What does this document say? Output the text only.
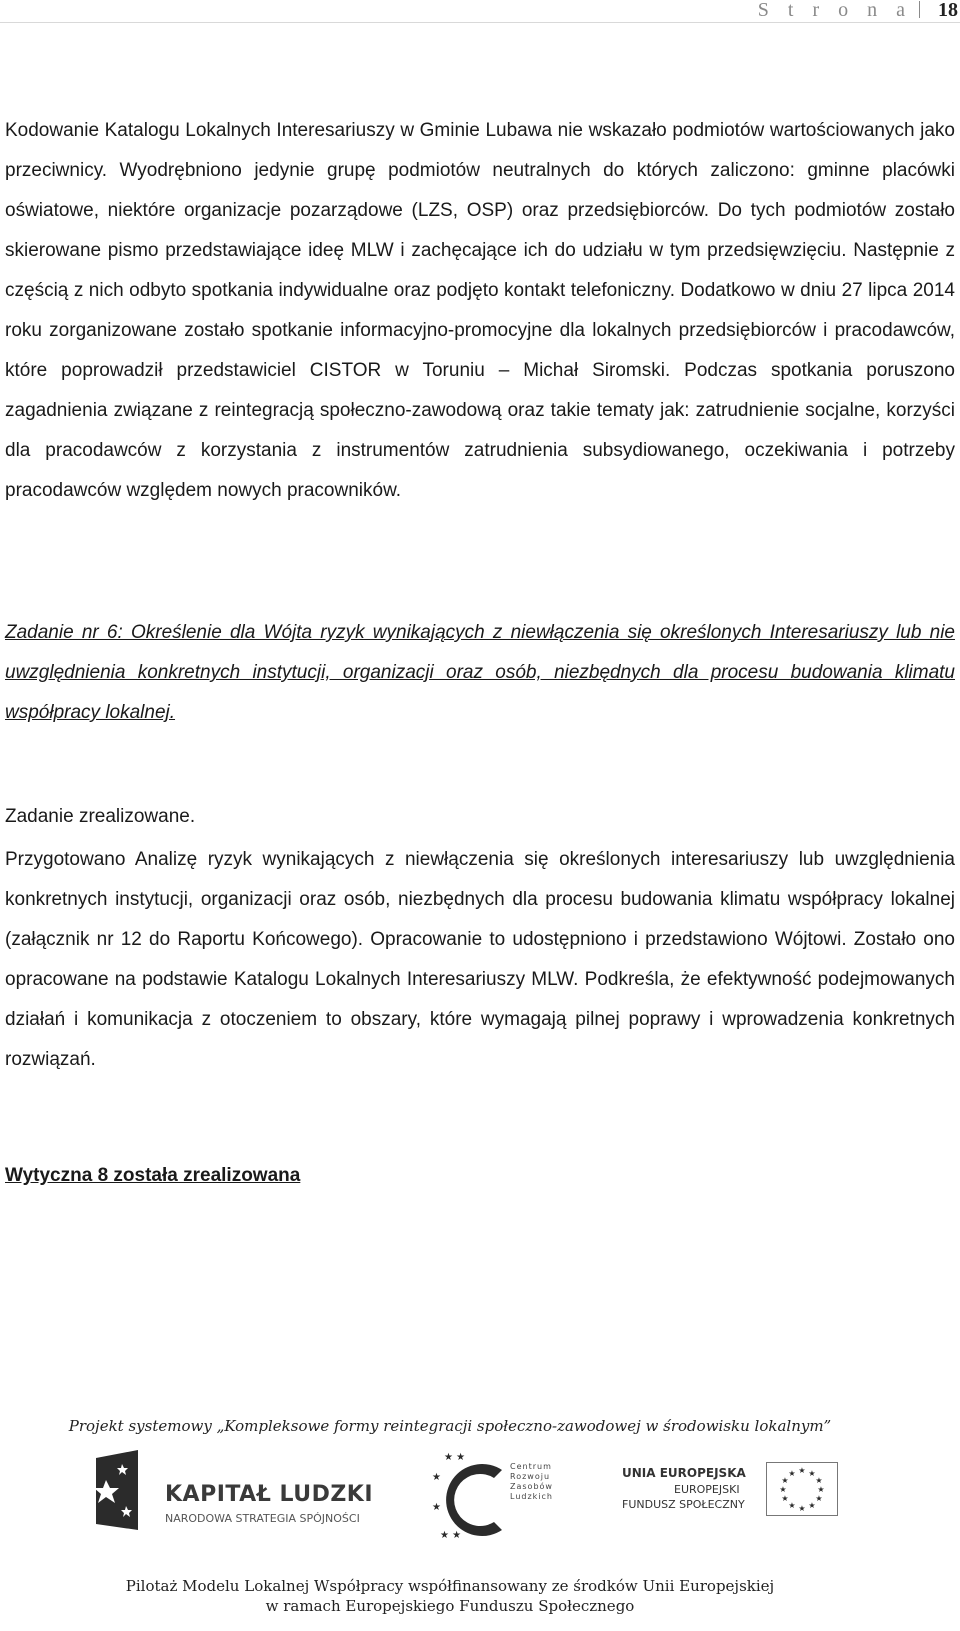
S t r o n a 18

Kodowanie Katalogu Lokalnych Interesariuszy w Gminie Lubawa nie wskazało podmiotów wartościowanych jako przeciwnicy. Wyodrębniono jedynie grupę podmiotów neutralnych do których zaliczono: gminne placówki oświatowe, niektóre organizacje pozarządowe (LZS, OSP) oraz przedsiębiorców. Do tych podmiotów zostało skierowane pismo przedstawiające ideę MLW i zachęcające ich do udziału w tym przedsięwzięciu. Następnie z częścią z nich odbyto spotkania indywidualne oraz podjęto kontakt telefoniczny. Dodatkowo w dniu 27 lipca 2014 roku zorganizowane zostało spotkanie informacyjno-promocyjne dla lokalnych przedsiębiorców i pracodawców, które poprowadził przedstawiciel CISTOR w Toruniu – Michał Siromski. Podczas spotkania poruszono zagadnienia związane z reintegracją społeczno-zawodową oraz takie tematy jak: zatrudnienie socjalne, korzyści dla pracodawców z korzystania z instrumentów zatrudnienia subsydiowanego, oczekiwania i potrzeby pracodawców względem nowych pracowników.

Zadanie nr 6: Określenie dla Wójta ryzyk wynikających z niewłączenia się określonych Interesariuszy lub nie uwzględnienia konkretnych instytucji, organizacji oraz osób, niezbędnych dla procesu budowania klimatu współpracy lokalnej.

Zadanie zrealizowane.

Przygotowano Analizę ryzyk wynikających z niewłączenia się określonych interesariuszy lub uwzględnienia konkretnych instytucji, organizacji oraz osób, niezbędnych dla procesu budowania klimatu współpracy lokalnej (załącznik nr 12 do Raportu Końcowego). Opracowanie to udostępniono i przedstawiono Wójtowi. Zostało ono opracowane na podstawie Katalogu Lokalnych Interesariuszy MLW. Podkreśla, że efektywność podejmowanych działań i komunikacja z otoczeniem to obszary, które wymagają pilnej poprawy i wprowadzenia konkretnych rozwiązań.

Wytyczna 8 została zrealizowana

Projekt systemowy „Kompleksowe formy reintegracji społeczno-zawodowej w środowisku lokalnym”
KAPITAŁ LUDZKI
NARODOWA STRATEGIA SPÓJNOŚCI
★ ★
★
★
★ ★
Centrum
Rozwoju
Zasobów
Ludzkich
UNIA EUROPEJSKA
EUROPEJSKI
FUNDUSZ SPOŁECZNY
★ ★
★
★
★
★
★
★
★
★
★
★
Pilotaż Modelu Lokalnej Współpracy współfinansowany ze środków Unii Europejskiej
w ramach Europejskiego Funduszu Społecznego
